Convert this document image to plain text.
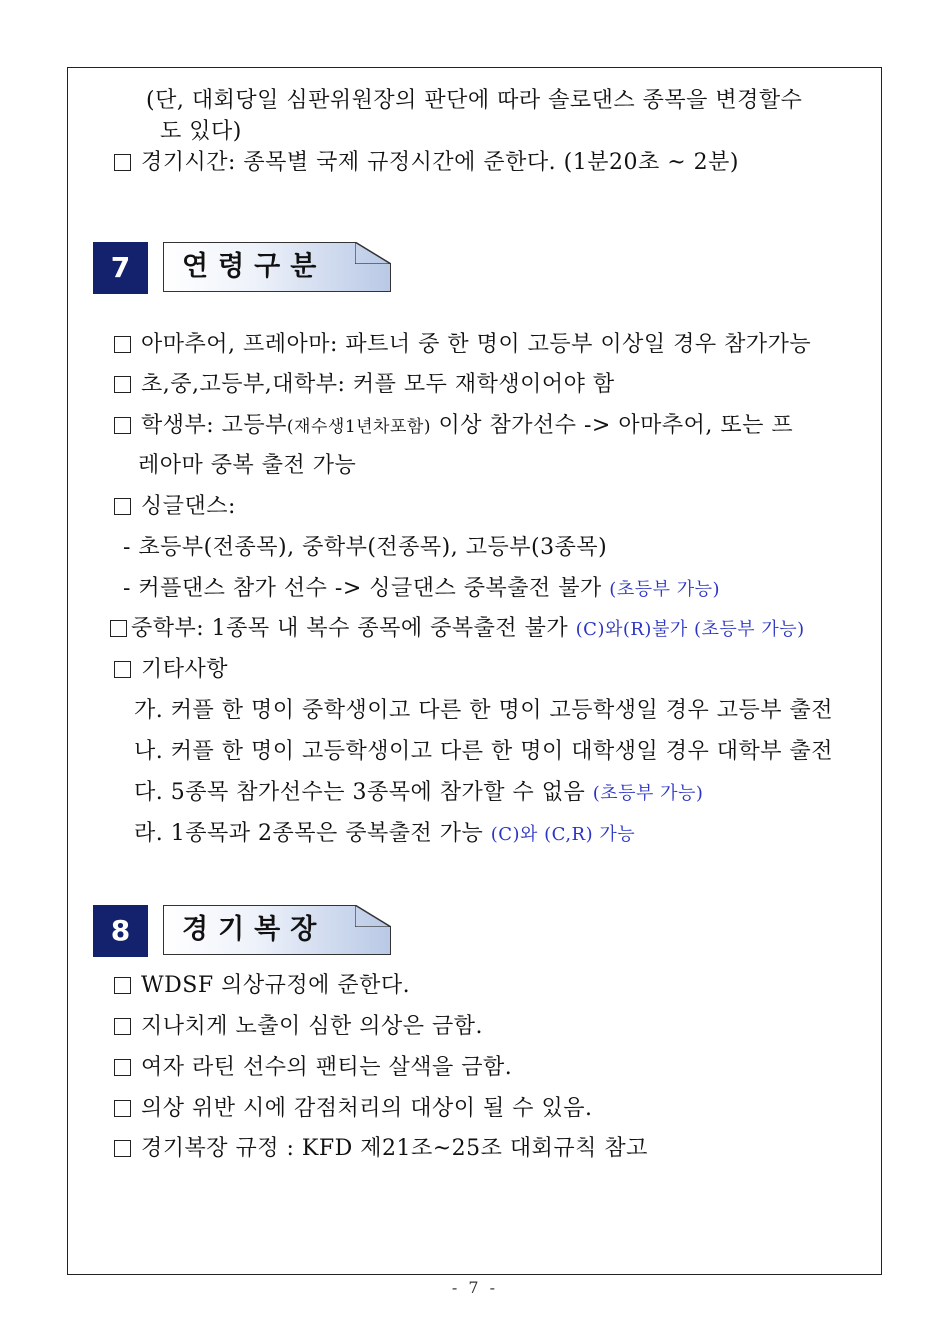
(단, 대회당일 심판위원장의 판단에 따라 솔로댄스 종목을 변경할수
도 있다)
경기시간: 종목별 국제 규정시간에 준한다. (1분20초 ~ 2분)
7	연령구분
아마추어, 프레아마: 파트너 중 한 명이 고등부 이상일 경우 참가가능
초,중,고등부,대학부: 커플 모두 재학생이어야 함
학생부: 고등부(재수생1년차포함) 이상 참가선수 -> 아마추어, 또는 프
레아마 중복 출전 가능
싱글댄스:
- 초등부(전종목), 중학부(전종목), 고등부(3종목)
- 커플댄스 참가 선수 -> 싱글댄스 중복출전 불가 (초등부 가능)
중학부: 1종목 내 복수 종목에 중복출전 불가 (C)와(R)불가 (초등부 가능)
기타사항
가. 커플 한 명이 중학생이고 다른 한 명이 고등학생일 경우 고등부 출전
나. 커플 한 명이 고등학생이고 다른 한 명이 대학생일 경우 대학부 출전
다. 5종목 참가선수는 3종목에 참가할 수 없음 (초등부 가능)
라. 1종목과 2종목은 중복출전 가능 (C)와 (C,R) 가능
8	경기복장
WDSF 의상규정에 준한다.
지나치게 노출이 심한 의상은 금함.
여자 라틴 선수의 팬티는 살색을 금함.
의상 위반 시에 감점처리의 대상이 될 수 있음.
경기복장 규정 : KFD 제21조~25조 대회규칙 참고
- 7 -
